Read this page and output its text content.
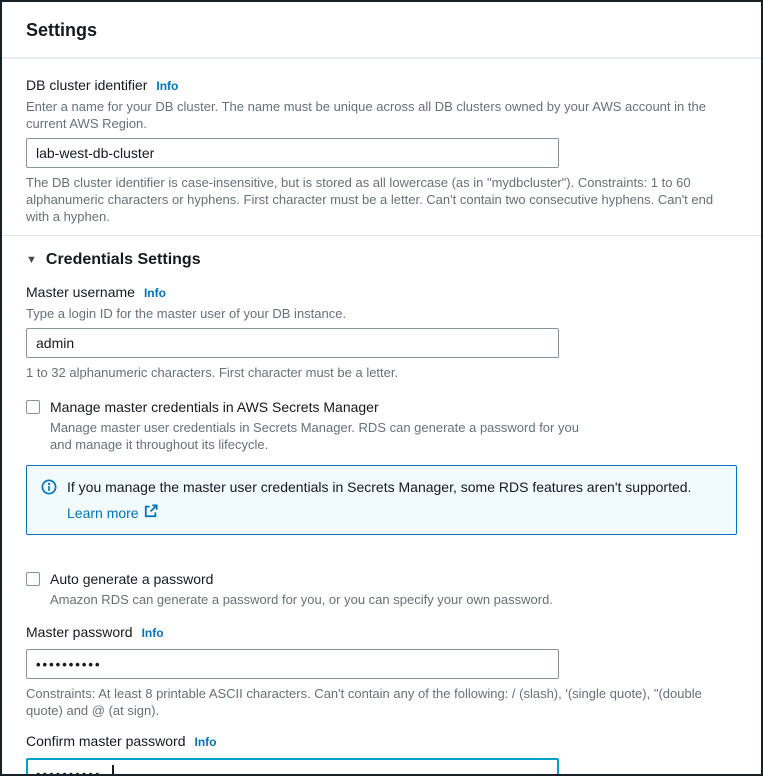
Settings
DB cluster identifier Info

Enter a name for your DB cluster. The name must be unique across all DB clusters owned by your AWS account in the current AWS Region.

lab-west-db-cluster

The DB cluster identifier is case-insensitive, but is stored as all lowercase (as in "mydbcluster"). Constraints: 1 to 60 alphanumeric characters or hyphens. First character must be a letter. Can't contain two consecutive hyphens. Can't end with a hyphen.

▼ Credentials Settings
Master username Info

Type a login ID for the master user of your DB instance.

admin

1 to 32 alphanumeric characters. First character must be a letter.

Manage master credentials in AWS Secrets Manager

Manage master user credentials in Secrets Manager. RDS can generate a password for you and manage it throughout its lifecycle.

If you manage the master user credentials in Secrets Manager, some RDS features aren't supported.

Learn more
Auto generate a password

Amazon RDS can generate a password for you, or you can specify your own password.

Master password Info
••••••••••

Constraints: At least 8 printable ASCII characters. Can't contain any of the following: / (slash), '(single quote), "(double quote) and @ (at sign).

Confirm master password Info
••••••••••
